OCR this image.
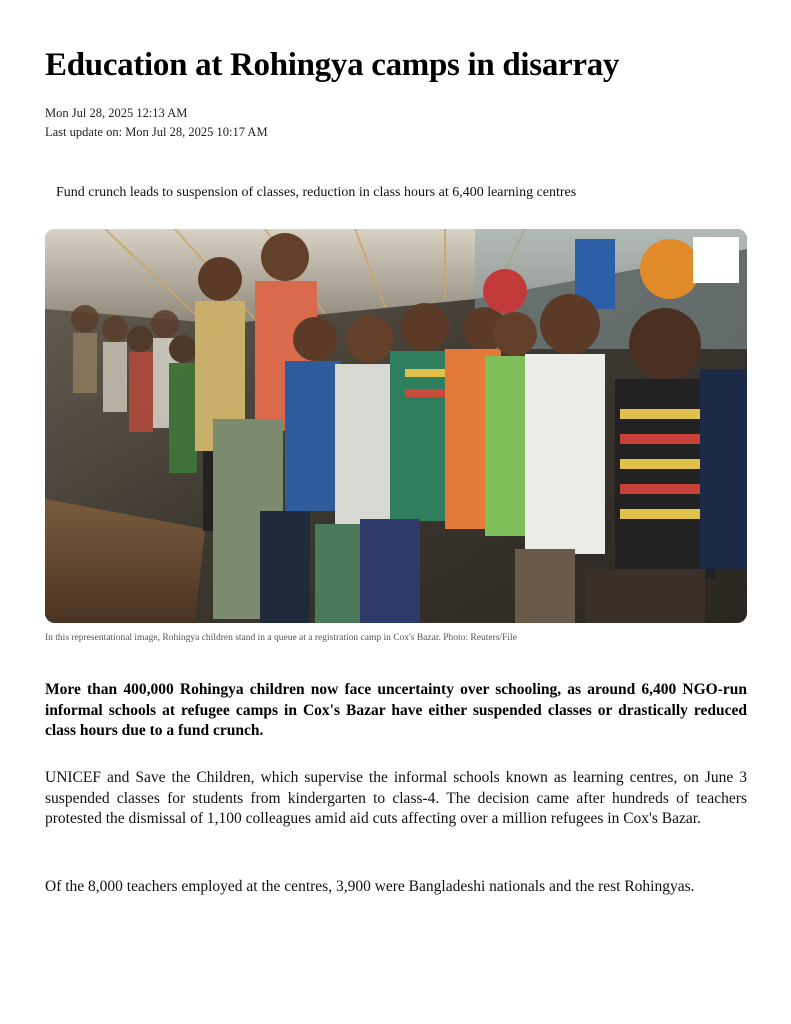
Education at Rohingya camps in disarray
Mon Jul 28, 2025 12:13 AM
Last update on: Mon Jul 28, 2025 10:17 AM
Fund crunch leads to suspension of classes, reduction in class hours at 6,400 learning centres
In this representational image, Rohingya children stand in a queue at a registration camp in Cox's Bazar. Photo: Reuters/File

More than 400,000 Rohingya children now face uncertainty over schooling, as around 6,400 NGO-run informal schools at refugee camps in Cox's Bazar have either suspended classes or drastically reduced class hours due to a fund crunch.

UNICEF and Save the Children, which supervise the informal schools known as learning centres, on June 3 suspended classes for students from kindergarten to class-4. The decision came after hundreds of teachers protested the dismissal of 1,100 colleagues amid aid cuts affecting over a million refugees in Cox's Bazar.

Of the 8,000 teachers employed at the centres, 3,900 were Bangladeshi nationals and the rest Rohingyas.
